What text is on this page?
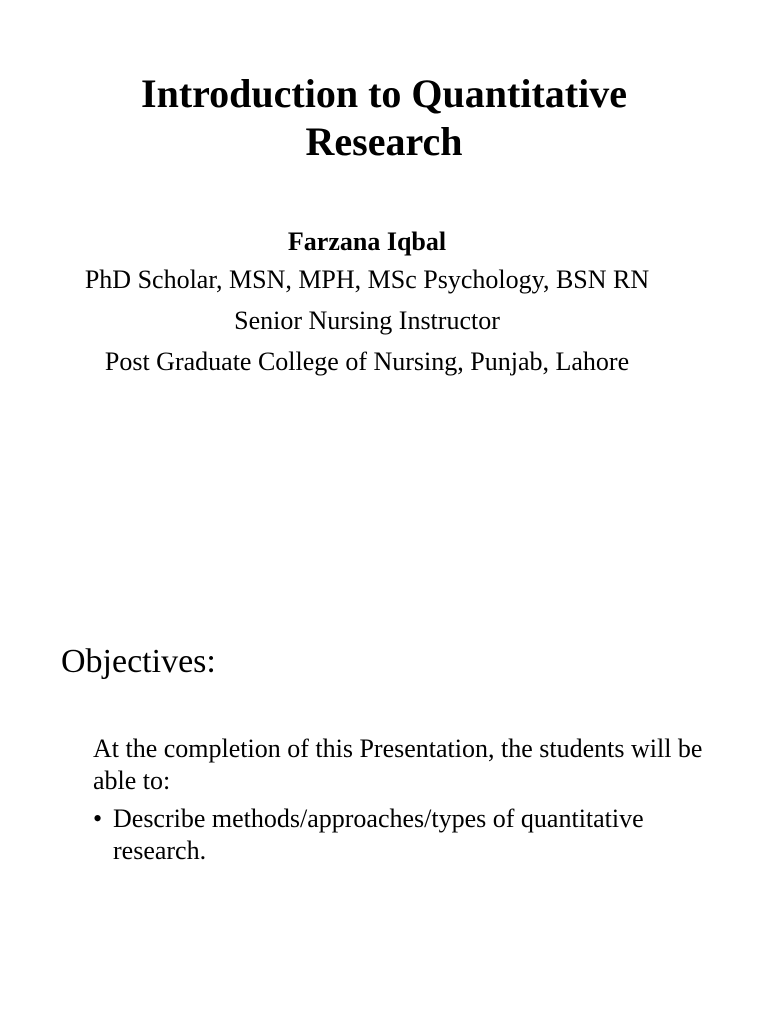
Introduction to Quantitative
Research

Farzana Iqbal

PhD Scholar, MSN, MPH, MSc Psychology, BSN RN

Senior Nursing Instructor

Post Graduate College of Nursing, Punjab, Lahore

Objectives:

At the completion of this Presentation, the students will be able to:

• Describe methods/approaches/types of quantitative research.
